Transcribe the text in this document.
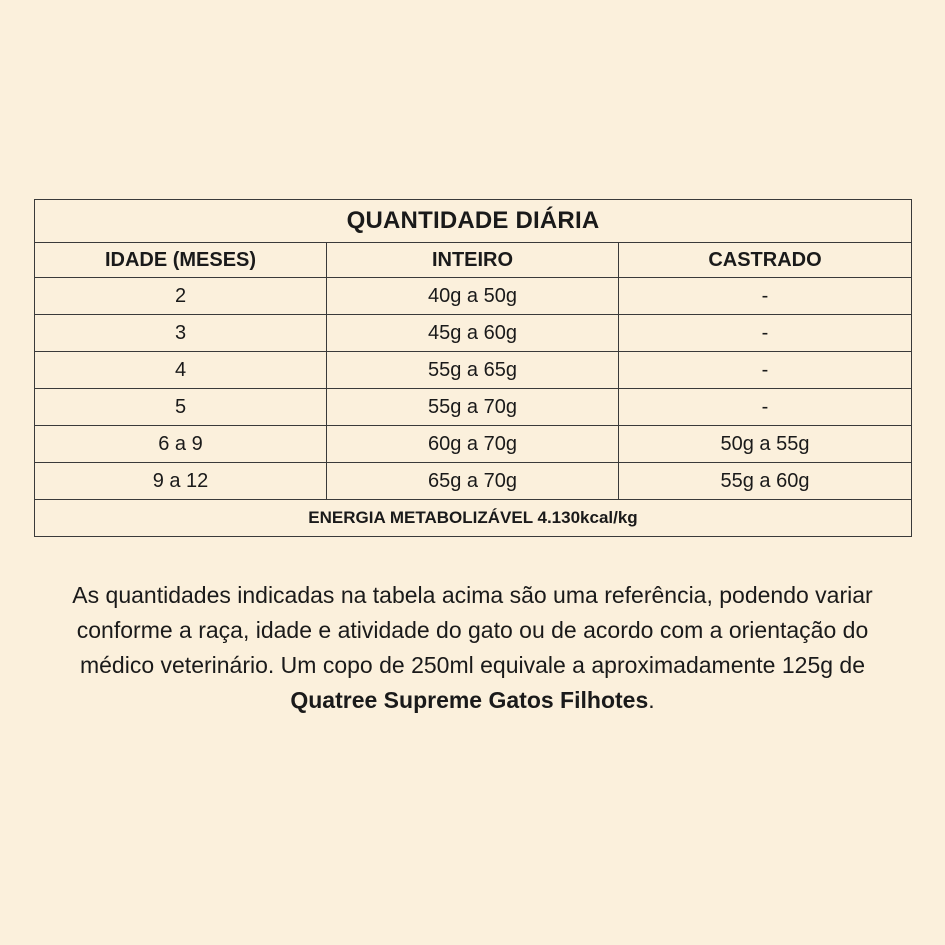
QUANTIDADE DIÁRIA		
IDADE (MESES)	INTEIRO	CASTRADO
2	40g a 50g	-
3	45g a 60g	-
4	55g a 65g	-
5	55g a 70g	-
6 a 9	60g a 70g	50g a 55g
9 a 12	65g a 70g	55g a 60g
ENERGIA METABOLIZÁVEL 4.130kcal/kg		

As quantidades indicadas na tabela acima são uma referência, podendo variar conforme a raça, idade e atividade do gato ou de acordo com a orientação do médico veterinário. Um copo de 250ml equivale a aproximadamente 125g de Quatree Supreme Gatos Filhotes.
